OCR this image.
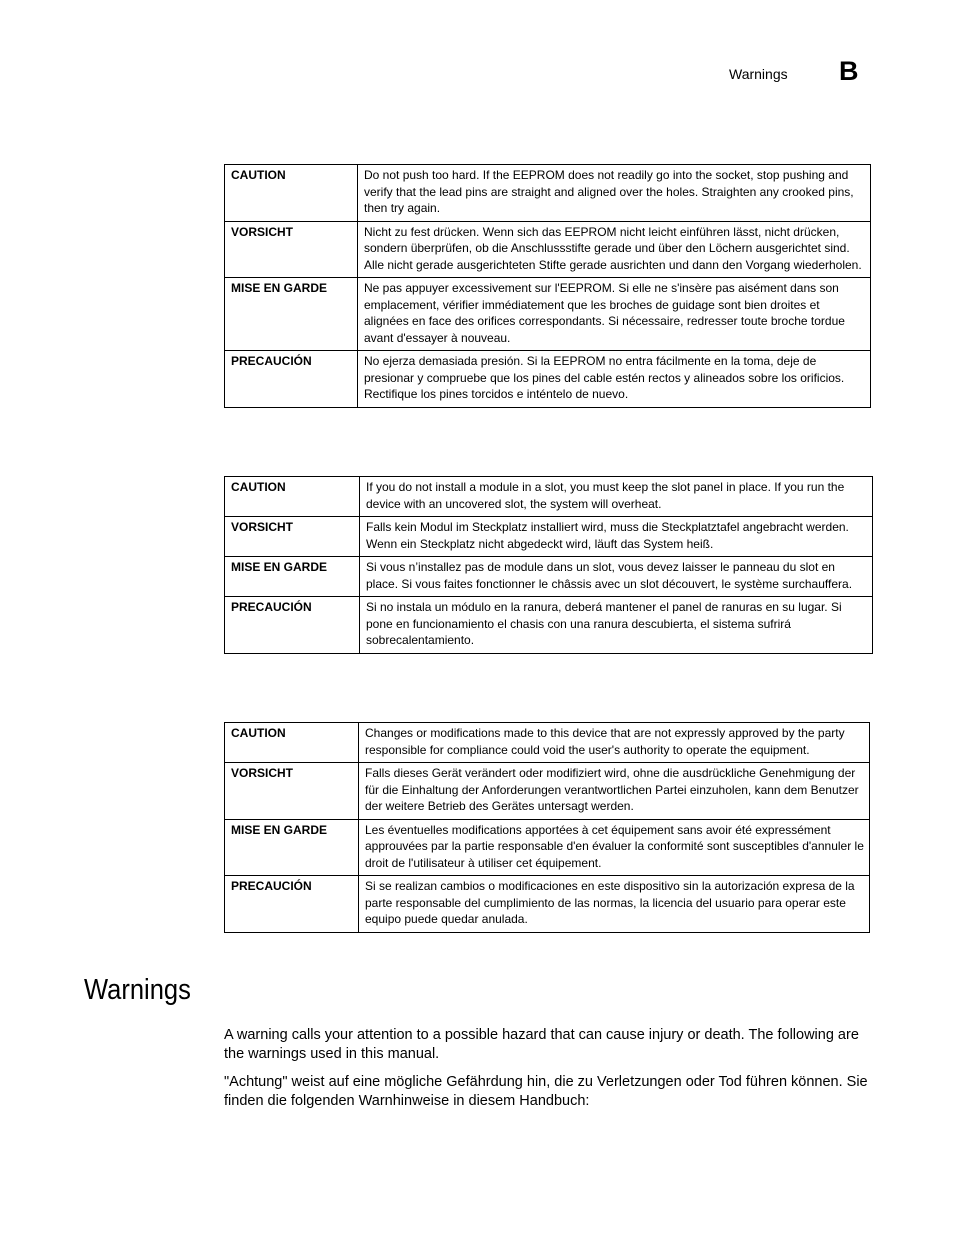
Warnings B
CAUTION	Do not push too hard. If the EEPROM does not readily go into the socket, stop pushing and verify that the lead pins are straight and aligned over the holes. Straighten any crooked pins, then try again.
VORSICHT	Nicht zu fest drücken. Wenn sich das EEPROM nicht leicht einführen lässt, nicht drücken, sondern überprüfen, ob die Anschlussstifte gerade und über den Löchern ausgerichtet sind. Alle nicht gerade ausgerichteten Stifte gerade ausrichten und dann den Vorgang wiederholen.
MISE EN GARDE	Ne pas appuyer excessivement sur l'EEPROM. Si elle ne s'insère pas aisément dans son emplacement, vérifier immédiatement que les broches de guidage sont bien droites et alignées en face des orifices correspondants. Si nécessaire, redresser toute broche tordue avant d'essayer à nouveau.
PRECAUCIÓN	No ejerza demasiada presión. Si la EEPROM no entra fácilmente en la toma, deje de presionar y compruebe que los pines del cable estén rectos y alineados sobre los orificios. Rectifique los pines torcidos e inténtelo de nuevo.
CAUTION	If you do not install a module in a slot, you must keep the slot panel in place. If you run the device with an uncovered slot, the system will overheat.
VORSICHT	Falls kein Modul im Steckplatz installiert wird, muss die Steckplatztafel angebracht werden. Wenn ein Steckplatz nicht abgedeckt wird, läuft das System heiß.
MISE EN GARDE	Si vous n’installez pas de module dans un slot, vous devez laisser le panneau du slot en place. Si vous faites fonctionner le châssis avec un slot découvert, le système surchauffera.
PRECAUCIÓN	Si no instala un módulo en la ranura, deberá mantener el panel de ranuras en su lugar. Si pone en funcionamiento el chasis con una ranura descubierta, el sistema sufrirá sobrecalentamiento.
CAUTION	Changes or modifications made to this device that are not expressly approved by the party responsible for compliance could void the user's authority to operate the equipment.
VORSICHT	Falls dieses Gerät verändert oder modifiziert wird, ohne die ausdrückliche Genehmigung der für die Einhaltung der Anforderungen verantwortlichen Partei einzuholen, kann dem Benutzer der weitere Betrieb des Gerätes untersagt werden.
MISE EN GARDE	Les éventuelles modifications apportées à cet équipement sans avoir été expressément approuvées par la partie responsable d'en évaluer la conformité sont susceptibles d'annuler le droit de l'utilisateur à utiliser cet équipement.
PRECAUCIÓN	Si se realizan cambios o modificaciones en este dispositivo sin la autorización expresa de la parte responsable del cumplimiento de las normas, la licencia del usuario para operar este equipo puede quedar anulada.
Warnings

A warning calls your attention to a possible hazard that can cause injury or death. The following are the warnings used in this manual.

"Achtung" weist auf eine mögliche Gefährdung hin, die zu Verletzungen oder Tod führen können. Sie finden die folgenden Warnhinweise in diesem Handbuch:
